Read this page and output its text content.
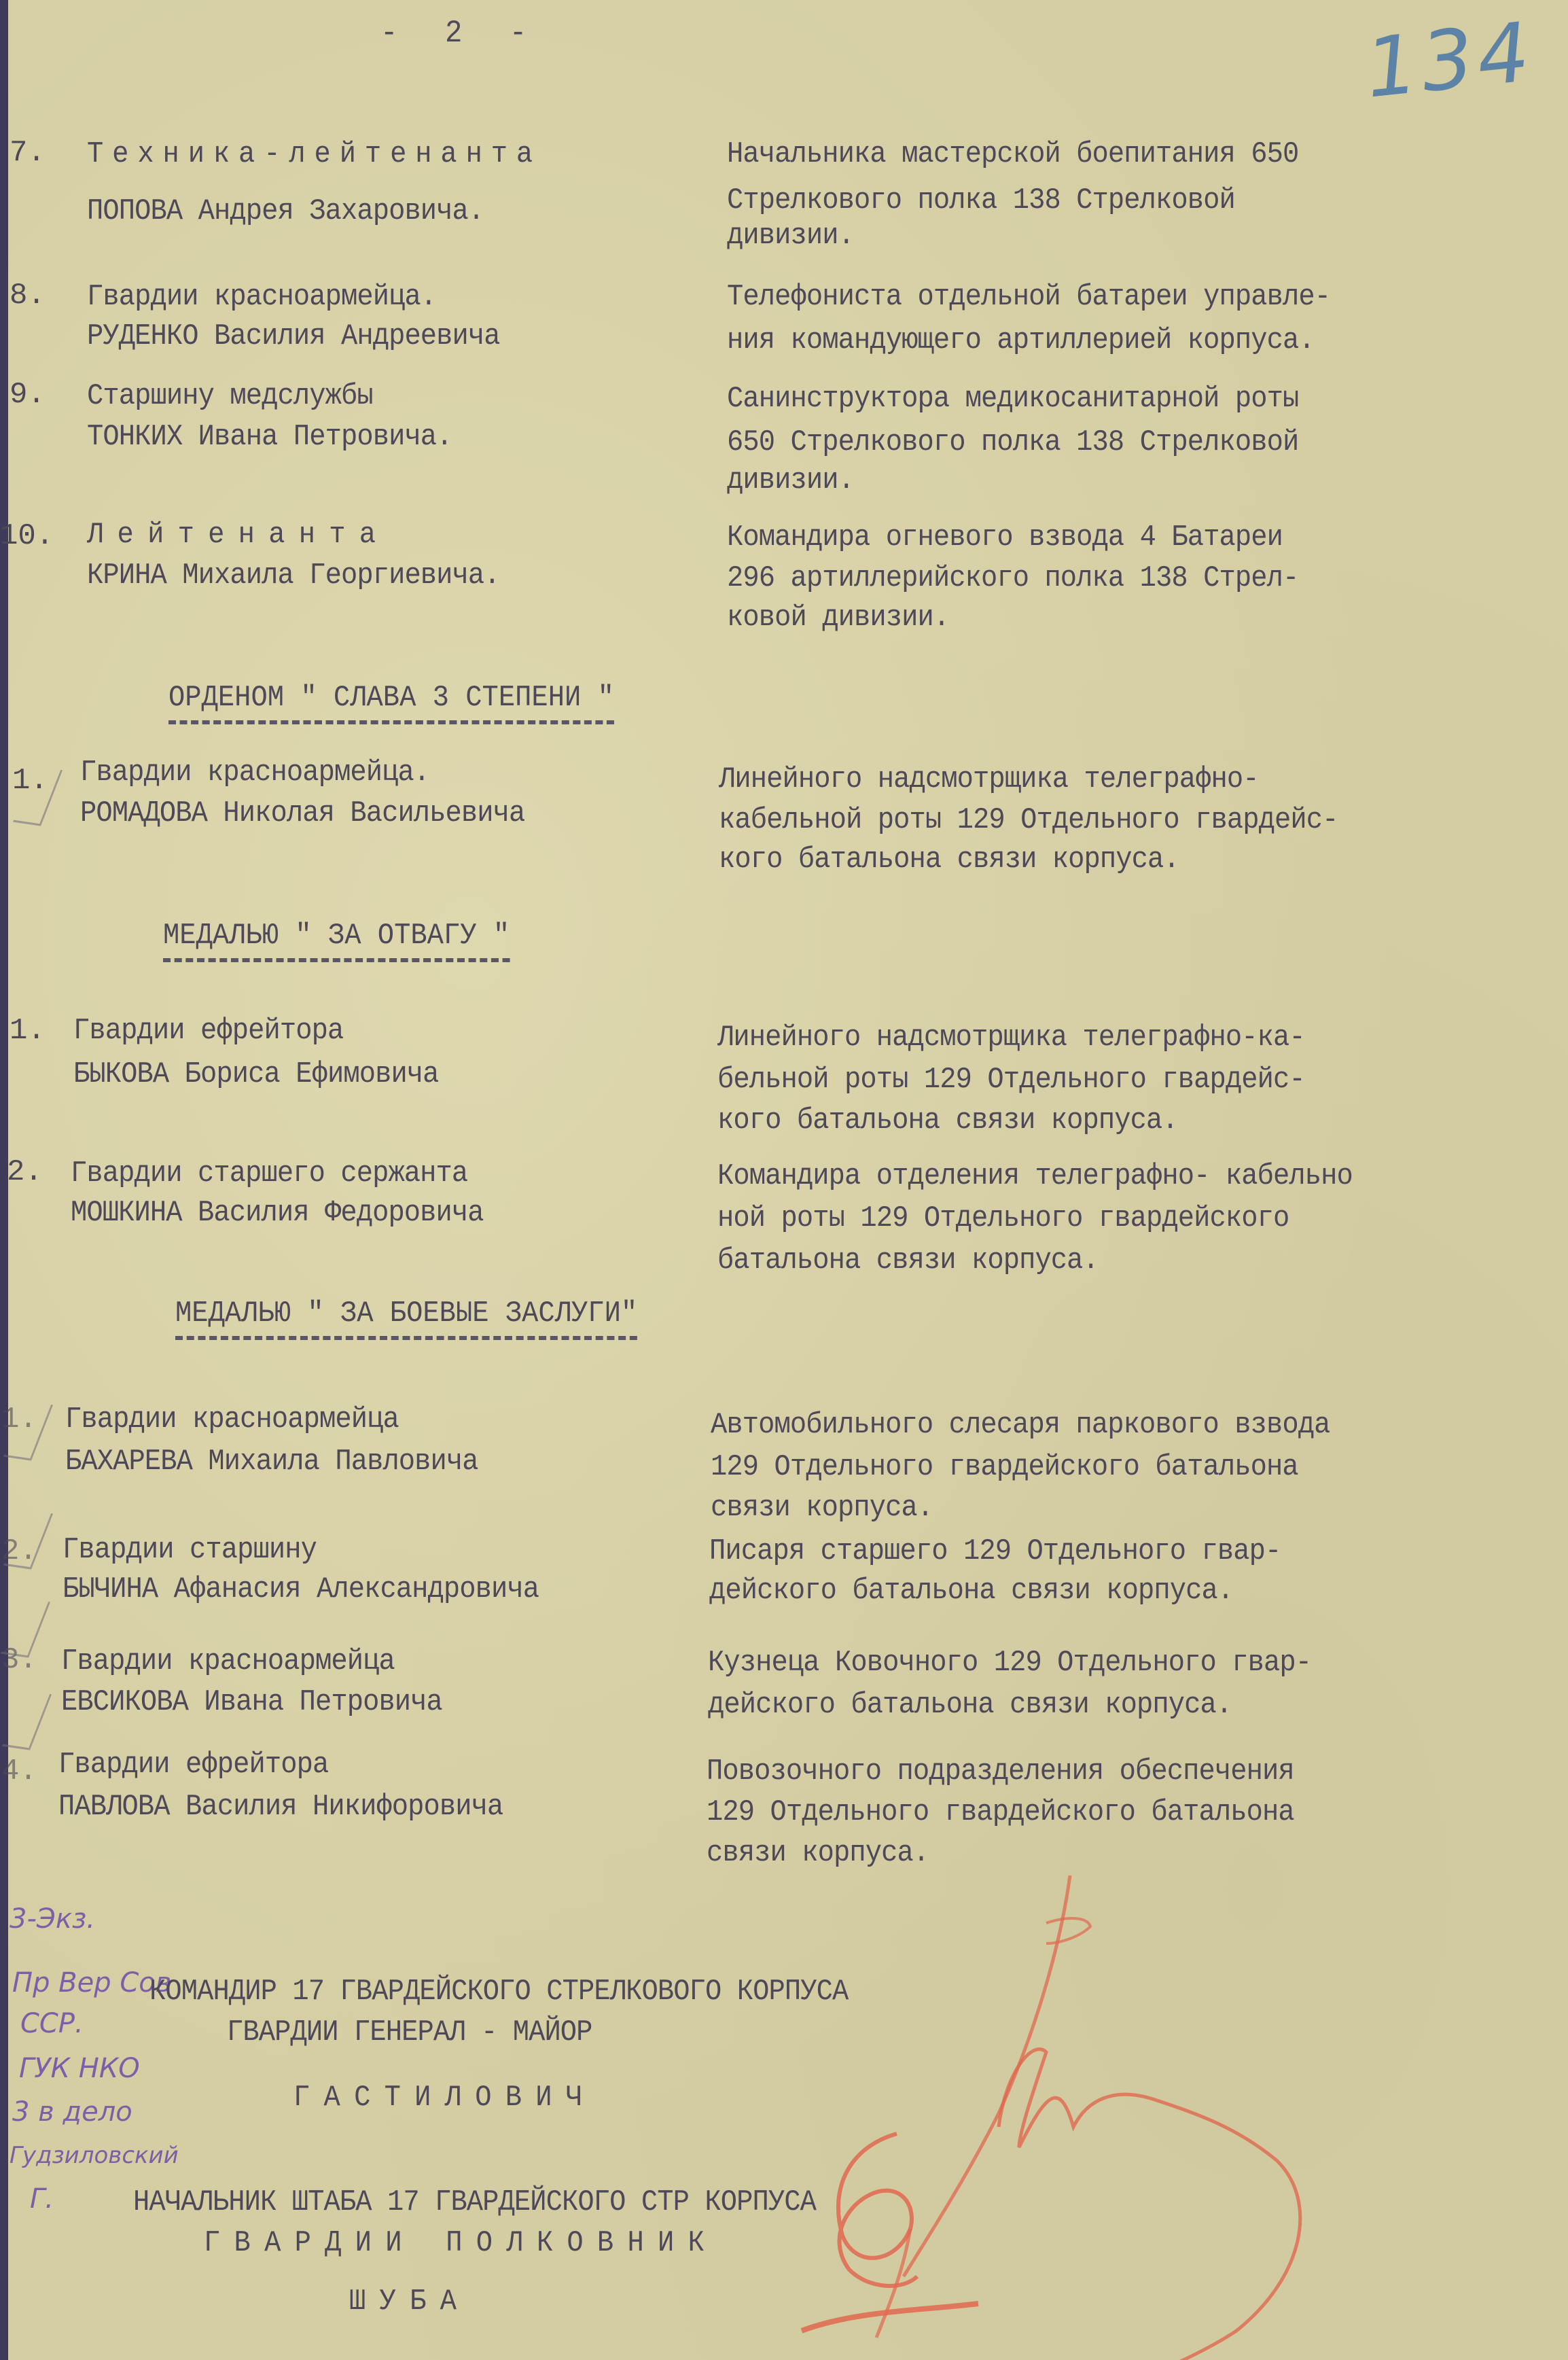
- 2 -	134
7. Техника-лейтенанта
ПОПОВА Андрея Захаровича.
Начальника мастерской боепитания 650
Стрелкового полка 138 Стрелковой
дивизии.
8. Гвардии красноармейца.
РУДЕНКО Василия Андреевича
Телефониста отдельной батареи управле-
ния командующего артиллерией корпуса.
9. Старшину медслужбы
ТОНКИХ Ивана Петровича.
Санинструктора медикосанитарной роты
650 Стрелкового полка 138 Стрелковой
дивизии.
10. Лейтенанта
КРИНА Михаила Георгиевича.
Командира огневого взвода 4 Батареи
296 артиллерийского полка 138 Стрел-
ковой дивизии.
ОРДЕНОМ " СЛАВА 3 СТЕПЕНИ "
1. Гвардии красноармейца.
РОМАДОВА Николая Васильевича
Линейного надсмотрщика телеграфно-
кабельной роты 129 Отдельного гвардейс-
кого батальона связи корпуса.
МЕДАЛЬЮ " ЗА ОТВАГУ "
1. Гвардии ефрейтора
БЫКОВА Бориса Ефимовича
Линейного надсмотрщика телеграфно-ка-
бельной роты 129 Отдельного гвардейс-
кого батальона связи корпуса.
2. Гвардии старшего сержанта
МОШКИНА Василия Федоровича
Командира отделения телеграфно- кабельно
ной роты 129 Отдельного гвардейского
батальона связи корпуса.
МЕДАЛЬЮ " ЗА БОЕВЫЕ ЗАСЛУГИ"
1. Гвардии красноармейца
БАХАРЕВА Михаила Павловича
Автомобильного слесаря паркового взвода
129 Отдельного гвардейского батальона
связи корпуса.
2. Гвардии старшину
БЫЧИНА Афанасия Александровича
Писаря старшего 129 Отдельного гвар-
дейского батальона связи корпуса.
3. Гвардии красноармейца
ЕВСИКОВА Ивана Петровича
Кузнеца Ковочного 129 Отдельного гвар-
дейского батальона связи корпуса.
4. Гвардии ефрейтора
ПАВЛОВА Василия Никифоровича
Повозочного подразделения обеспечения
129 Отдельного гвардейского батальона
связи корпуса.
3-Экз.
Пр Вер Сов
ССР.
ГУК НКО
3 в дело
Гудзиловский
Г.
КОМАНДИР 17 ГВАРДЕЙСКОГО СТРЕЛКОВОГО КОРПУСА
ГВАРДИИ ГЕНЕРАЛ - МАЙОР
ГАСТИЛОВИЧ
НАЧАЛЬНИК ШТАБА 17 ГВАРДЕЙСКОГО СТР КОРПУСА
ГВАРДИИ ПОЛКОВНИК
ШУБА
